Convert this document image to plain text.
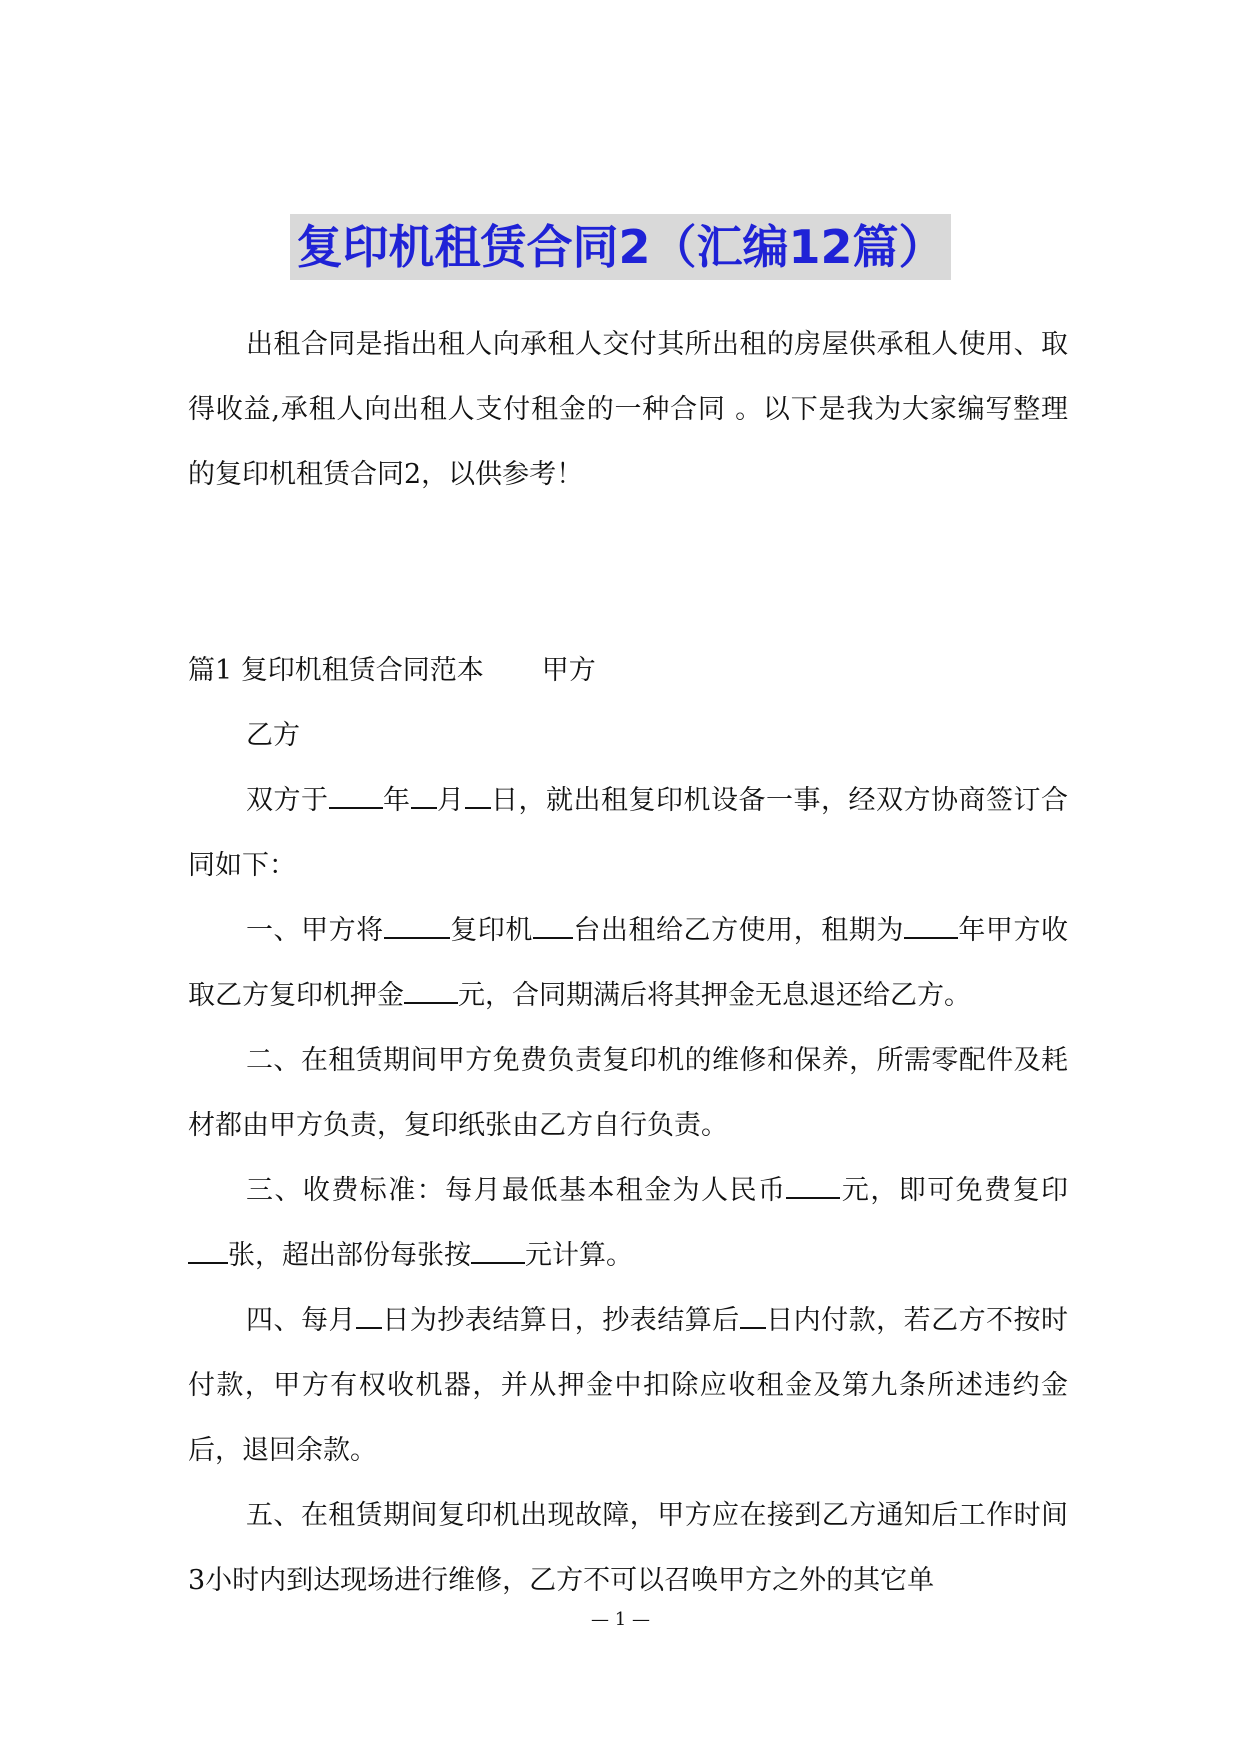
复印机租赁合同2（汇编12篇）

出租合同是指出租人向承租人交付其所出租的房屋供承租人使用、取得收益,承租人向出租人支付租金的一种合同 。以下是我为大家编写整理的复印机租赁合同2，以供参考！

篇1 复印机租赁合同范本 甲方

乙方

双方于 年 月 日，就出租复印机设备一事，经双方协商签订合同如下：

一、甲方将 复印机 台出租给乙方使用，租期为 年甲方收取乙方复印机押金 元，合同期满后将其押金无息退还给乙方。

二、在租赁期间甲方免费负责复印机的维修和保养，所需零配件及耗材都由甲方负责，复印纸张由乙方自行负责。

三、收费标准：每月最低基本租金为人民币 元，即可免费复印张，超出部份每张按 元计算。

四、每月 日为抄表结算日，抄表结算后 日内付款，若乙方不按时付款，甲方有权收机器，并从押金中扣除应收租金及第九条所述违约金后，退回余款。

五、在租赁期间复印机出现故障，甲方应在接到乙方通知后工作时间3小时内到达现场进行维修，乙方不可以召唤甲方之外的其它单

— 1 —
